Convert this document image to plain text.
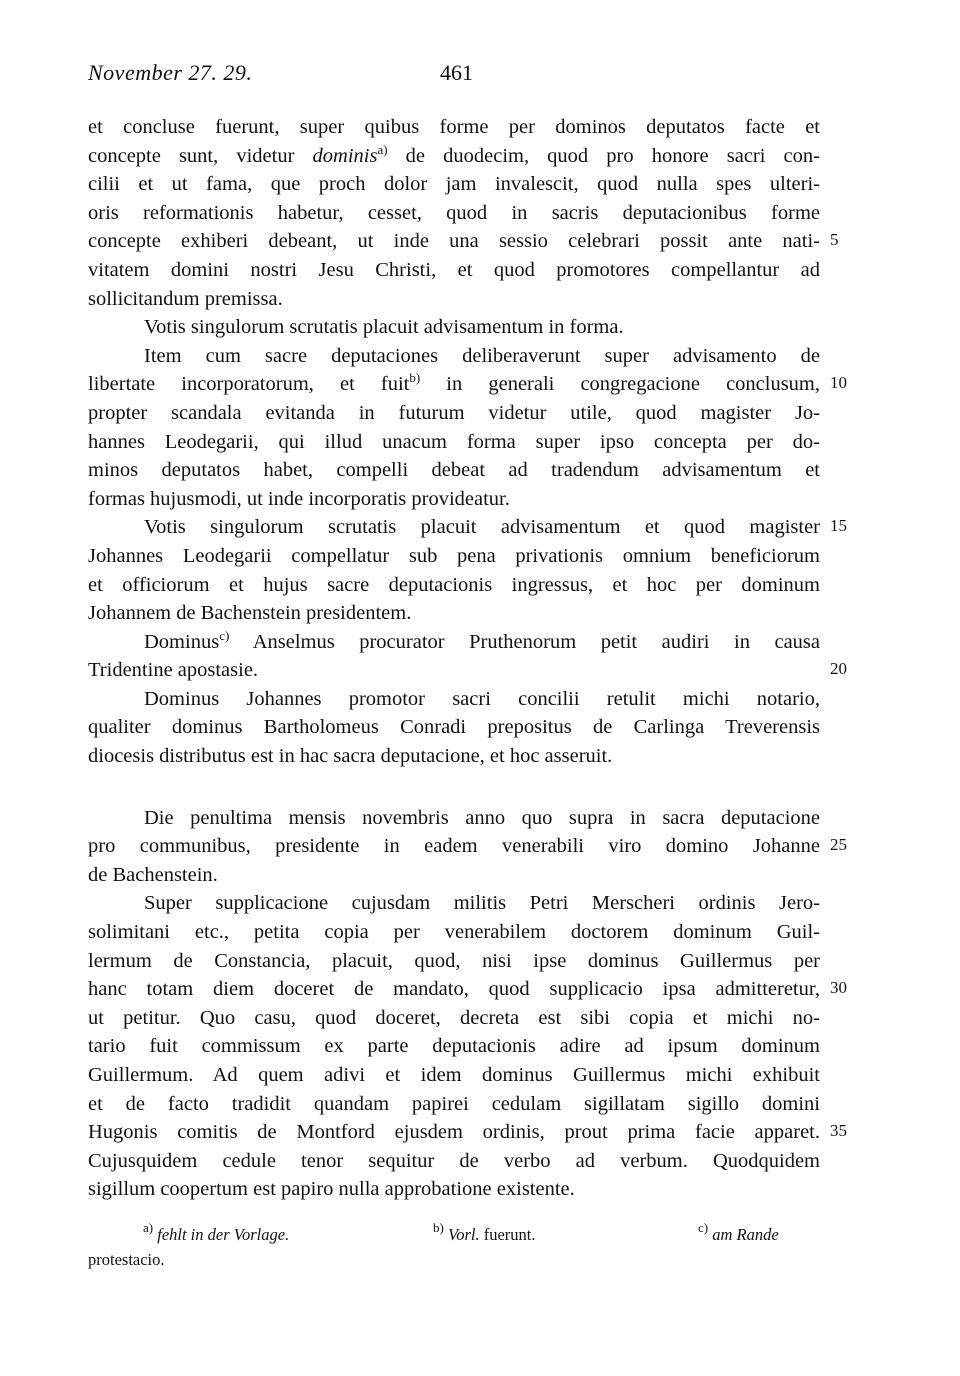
November 27. 29.	461
et concluse fuerunt, super quibus forme per dominos deputatos facte et
concepte sunt, videtur dominis$^{a)}$ de duodecim, quod pro honore sacri con-
cilii et ut fama, que proch dolor jam invalescit, quod nulla spes ulteri-
oris reformationis habetur, cesset, quod in sacris deputacionibus forme
concepte exhiberi debeant, ut inde una sessio celebrari possit ante nati-
vitatem domini nostri Jesu Christi, et quod promotores compellantur ad
sollicitandum premissa.
Votis singulorum scrutatis placuit advisamentum in forma.
Item cum sacre deputaciones deliberaverunt super advisamento de
libertate incorporatorum, et fuit$^{b)}$ in generali congregacione conclusum,
propter scandala evitanda in futurum videtur utile, quod magister Jo-
hannes Leodegarii, qui illud unacum forma super ipso concepta per do-
minos deputatos habet, compelli debeat ad tradendum advisamentum et
formas hujusmodi, ut inde incorporatis provideatur.
Votis singulorum scrutatis placuit advisamentum et quod magister
Johannes Leodegarii compellatur sub pena privationis omnium beneficiorum
et officiorum et hujus sacre deputacionis ingressus, et hoc per dominum
Johannem de Bachenstein presidentem.
Dominus$^{c)}$ Anselmus procurator Pruthenorum petit audiri in causa
Tridentine apostasie.
Dominus Johannes promotor sacri concilii retulit michi notario,
qualiter dominus Bartholomeus Conradi prepositus de Carlinga Treverensis
diocesis distributus est in hac sacra deputacione, et hoc asseruit.
Die penultima mensis novembris anno quo supra in sacra deputacione
pro communibus, presidente in eadem venerabili viro domino Johanne
de Bachenstein.
Super supplicacione cujusdam militis Petri Merscheri ordinis Jero-
solimitani etc., petita copia per venerabilem doctorem dominum Guil-
lermum de Constancia, placuit, quod, nisi ipse dominus Guillermus per
hanc totam diem doceret de mandato, quod supplicacio ipsa admitteretur,
ut petitur. Quo casu, quod doceret, decreta est sibi copia et michi no-
tario fuit commissum ex parte deputacionis adire ad ipsum dominum
Guillermum. Ad quem adivi et idem dominus Guillermus michi exhibuit
et de facto tradidit quandam papirei cedulam sigillatam sigillo domini
Hugonis comitis de Montford ejusdem ordinis, prout prima facie apparet.
Cujusquidem cedule tenor sequitur de verbo ad verbum. Quodquidem
sigillum coopertum est papiro nulla approbatione existente.
5
10
15
20
25
30
35
$^{a)}$ fehlt in der Vorlage.	$^{b)}$ Vorl. fuerunt.	$^{c)}$ am Rande
protestacio.
